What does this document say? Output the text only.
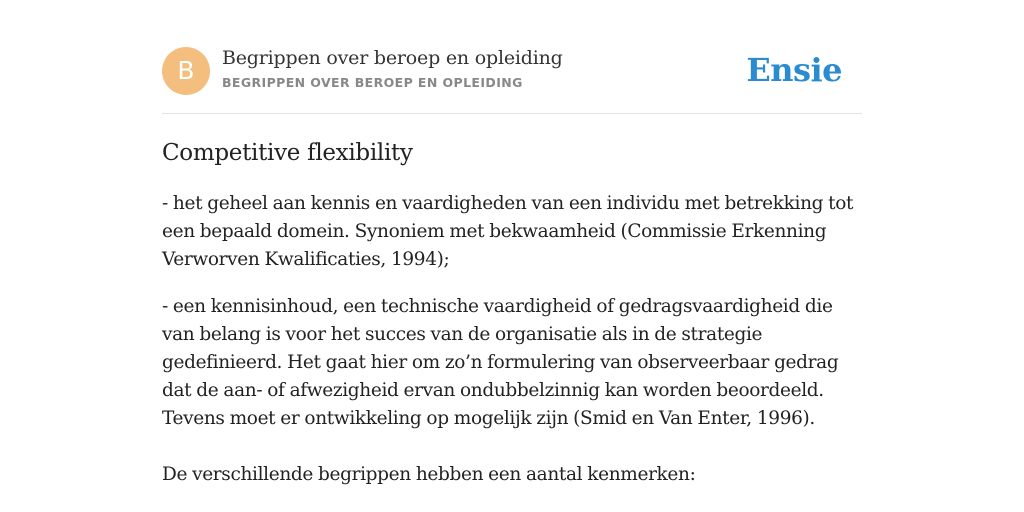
B	Begrippen over beroep en opleiding
BEGRIPPEN OVER BEROEP EN OPLEIDING	Ensie
Competitive flexibility
- het geheel aan kennis en vaardigheden van een individu met betrekking tot een bepaald domein. Synoniem met bekwaamheid (Commissie Erkenning Verworven Kwalificaties, 1994);
- een kennisinhoud, een technische vaardigheid of gedragsvaardigheid die van belang is voor het succes van de organisatie als in de strategie gedefinieerd. Het gaat hier om zo’n formulering van observeerbaar gedrag dat de aan- of afwezigheid ervan ondubbelzinnig kan worden beoordeeld. Tevens moet er ontwikkeling op mogelijk zijn (Smid en Van Enter, 1996).
De verschillende begrippen hebben een aantal kenmerken:
